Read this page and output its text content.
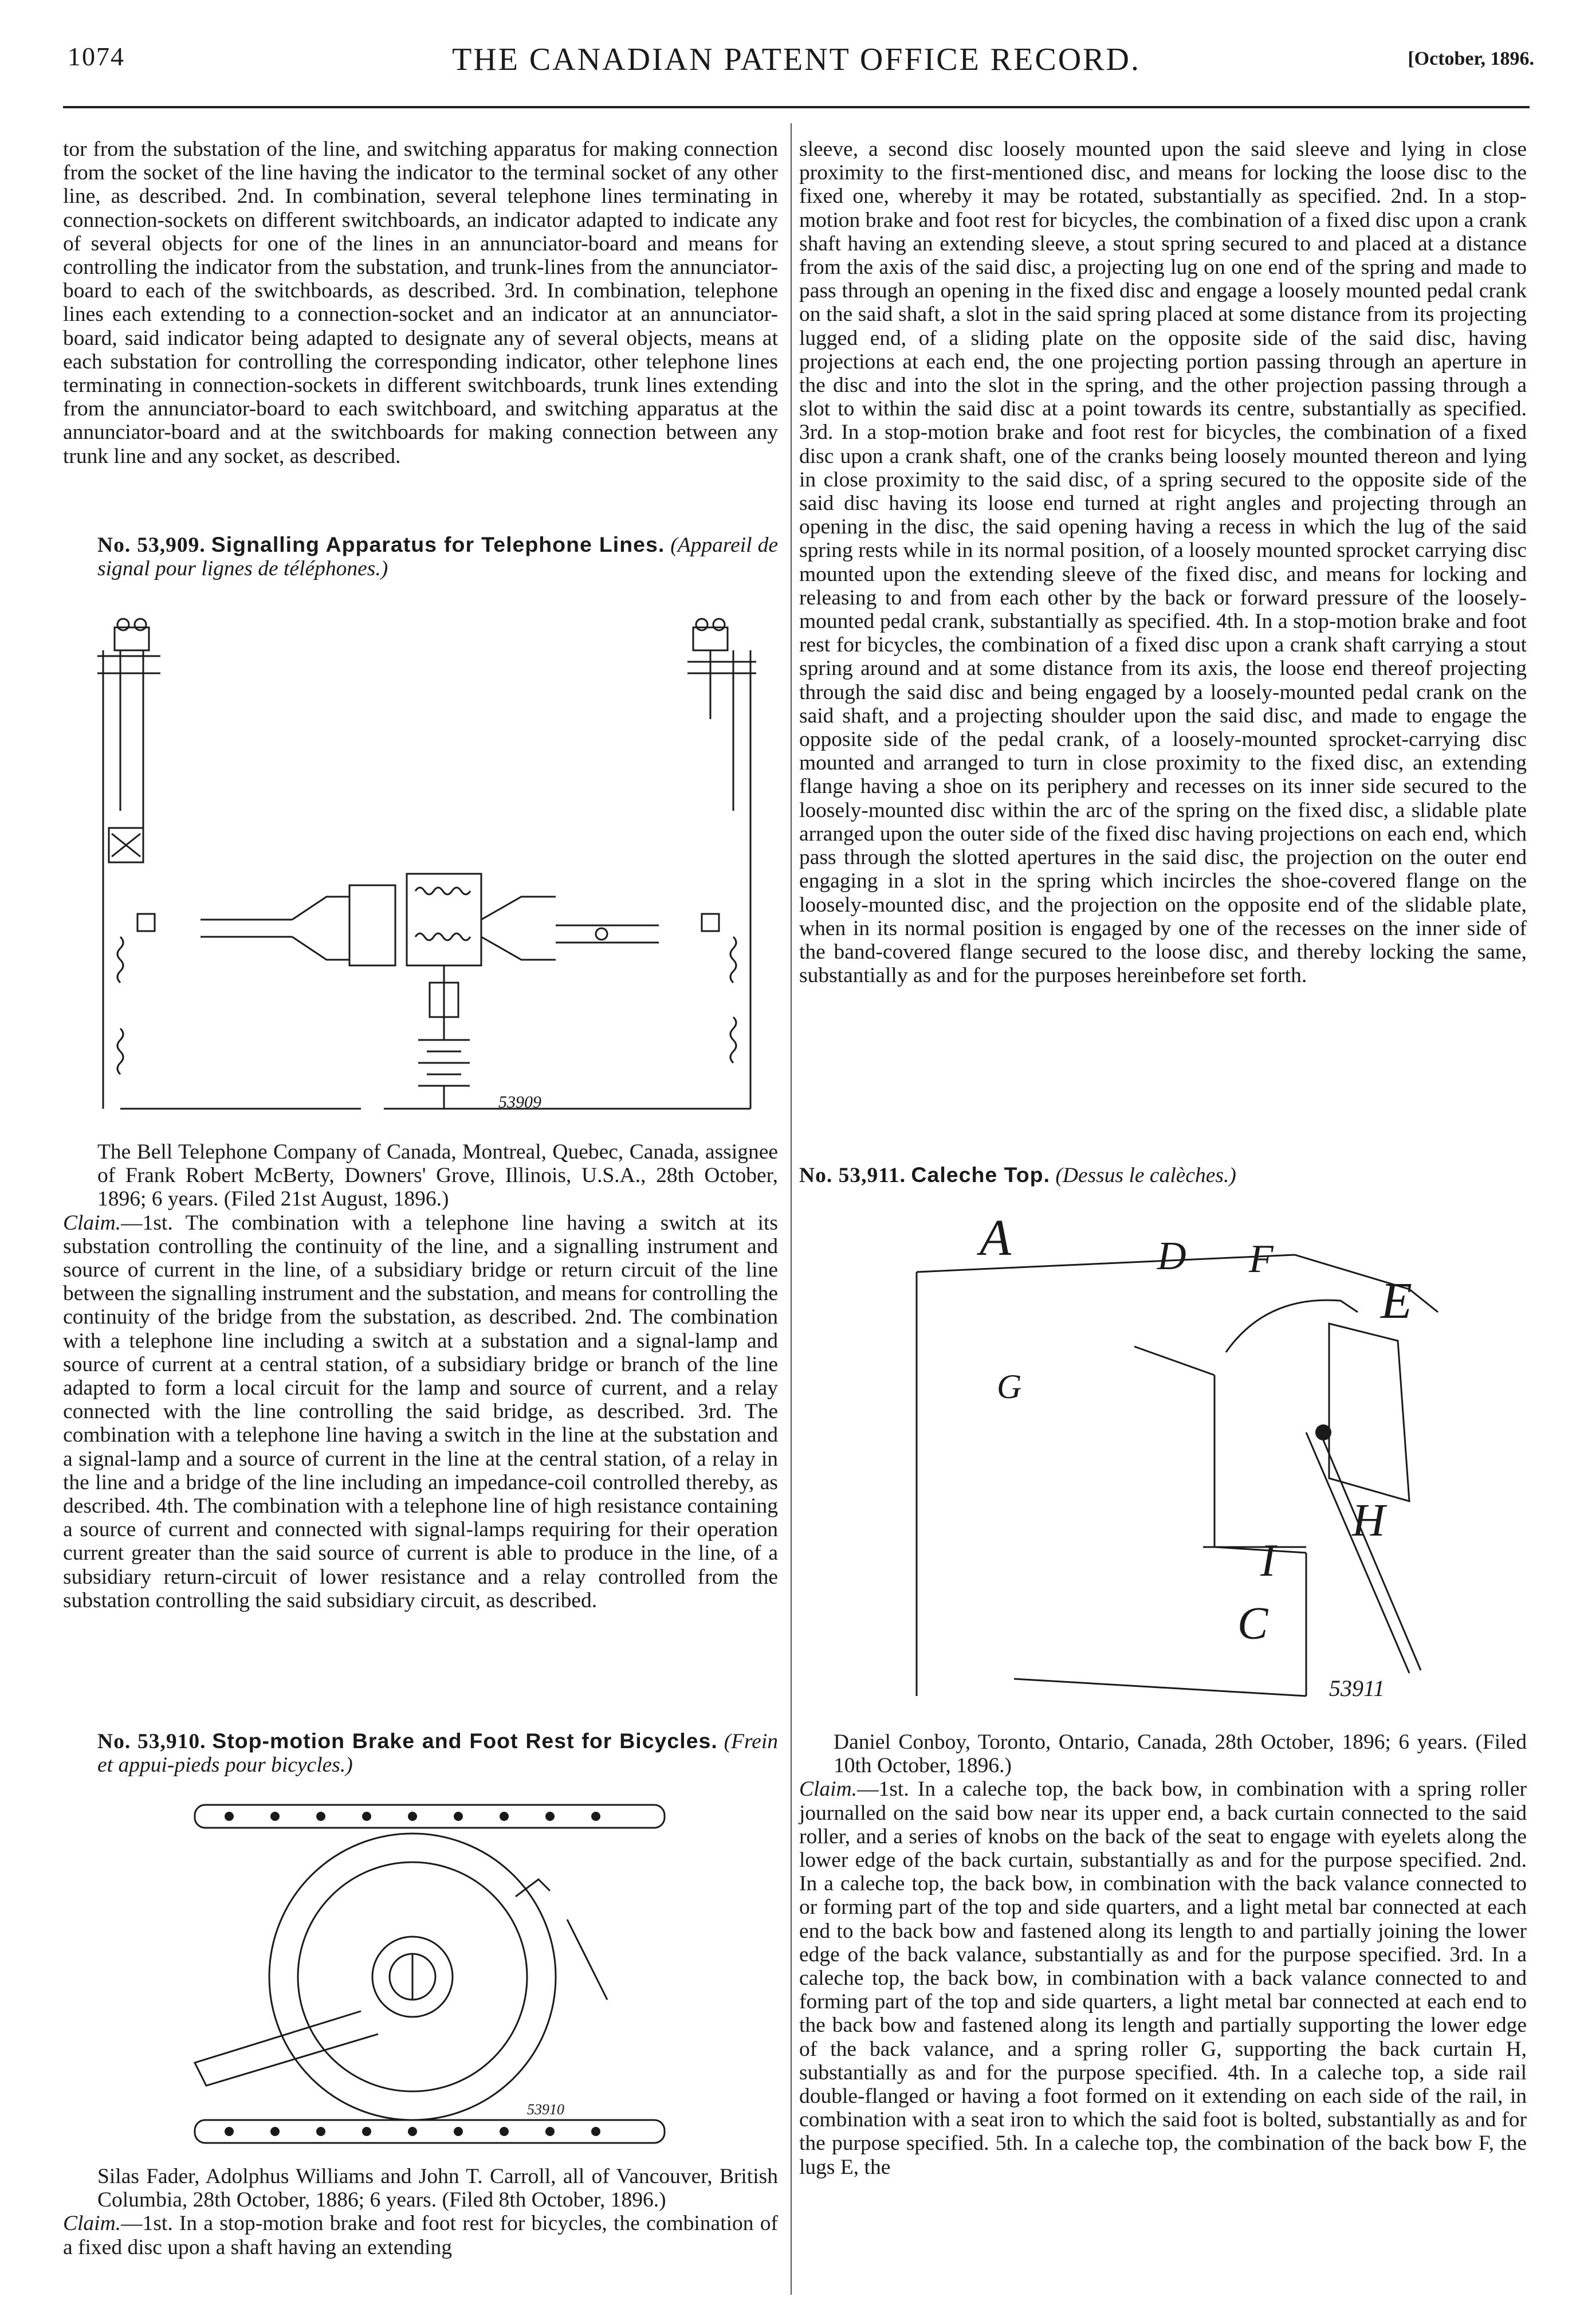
1074	THE CANADIAN PATENT OFFICE RECORD.	[October, 1896.

tor from the substation of the line, and switching apparatus for making connection from the socket of the line having the indicator to the terminal socket of any other line, as described. 2nd. In combination, several telephone lines terminating in connection-sockets on different switchboards, an indicator adapted to indicate any of several objects for one of the lines in an annunciator-board and means for controlling the indicator from the substation, and trunk-lines from the annunciator-board to each of the switchboards, as described. 3rd. In combination, telephone lines each extending to a connection-socket and an indicator at an annunciator-board, said indicator being adapted to designate any of several objects, means at each substation for controlling the corresponding indicator, other telephone lines terminating in connection-sockets in different switchboards, trunk lines extending from the annunciator-board to each switchboard, and switching apparatus at the annunciator-board and at the switchboards for making connection between any trunk line and any socket, as described.

No. 53,909. Signalling Apparatus for Telephone Lines. (Appareil de signal pour lignes de téléphones.)

53909

The Bell Telephone Company of Canada, Montreal, Quebec, Canada, assignee of Frank Robert McBerty, Downers' Grove, Illinois, U.S.A., 28th October, 1896; 6 years. (Filed 21st August, 1896.)

Claim.—1st. The combination with a telephone line having a switch at its substation controlling the continuity of the line, and a signalling instrument and source of current in the line, of a subsidiary bridge or return circuit of the line between the signalling instrument and the substation, and means for controlling the continuity of the bridge from the substation, as described. 2nd. The combination with a telephone line including a switch at a substation and a signal-lamp and source of current at a central station, of a subsidiary bridge or branch of the line adapted to form a local circuit for the lamp and source of current, and a relay connected with the line controlling the said bridge, as described. 3rd. The combination with a telephone line having a switch in the line at the substation and a signal-lamp and a source of current in the line at the central station, of a relay in the line and a bridge of the line including an impedance-coil controlled thereby, as described. 4th. The combination with a telephone line of high resistance containing a source of current and connected with signal-lamps requiring for their operation current greater than the said source of current is able to produce in the line, of a subsidiary return-circuit of lower resistance and a relay controlled from the substation controlling the said subsidiary circuit, as described.

No. 53,910. Stop-motion Brake and Foot Rest for Bicycles. (Frein et appui-pieds pour bicycles.)

53910

Silas Fader, Adolphus Williams and John T. Carroll, all of Vancouver, British Columbia, 28th October, 1886; 6 years. (Filed 8th October, 1896.)

Claim.—1st. In a stop-motion brake and foot rest for bicycles, the combination of a fixed disc upon a shaft having an extending

sleeve, a second disc loosely mounted upon the said sleeve and lying in close proximity to the first-mentioned disc, and means for locking the loose disc to the fixed one, whereby it may be rotated, substantially as specified. 2nd. In a stop-motion brake and foot rest for bicycles, the combination of a fixed disc upon a crank shaft having an extending sleeve, a stout spring secured to and placed at a distance from the axis of the said disc, a projecting lug on one end of the spring and made to pass through an opening in the fixed disc and engage a loosely mounted pedal crank on the said shaft, a slot in the said spring placed at some distance from its projecting lugged end, of a sliding plate on the opposite side of the said disc, having projections at each end, the one projecting portion passing through an aperture in the disc and into the slot in the spring, and the other projection passing through a slot to within the said disc at a point towards its centre, substantially as specified. 3rd. In a stop-motion brake and foot rest for bicycles, the combination of a fixed disc upon a crank shaft, one of the cranks being loosely mounted thereon and lying in close proximity to the said disc, of a spring secured to the opposite side of the said disc having its loose end turned at right angles and projecting through an opening in the disc, the said opening having a recess in which the lug of the said spring rests while in its normal position, of a loosely mounted sprocket carrying disc mounted upon the extending sleeve of the fixed disc, and means for locking and releasing to and from each other by the back or forward pressure of the loosely-mounted pedal crank, substantially as specified. 4th. In a stop-motion brake and foot rest for bicycles, the combination of a fixed disc upon a crank shaft carrying a stout spring around and at some distance from its axis, the loose end thereof projecting through the said disc and being engaged by a loosely-mounted pedal crank on the said shaft, and a projecting shoulder upon the said disc, and made to engage the opposite side of the pedal crank, of a loosely-mounted sprocket-carrying disc mounted and arranged to turn in close proximity to the fixed disc, an extending flange having a shoe on its periphery and recesses on its inner side secured to the loosely-mounted disc within the arc of the spring on the fixed disc, a slidable plate arranged upon the outer side of the fixed disc having projections on each end, which pass through the slotted apertures in the said disc, the projection on the outer end engaging in a slot in the spring which incircles the shoe-covered flange on the loosely-mounted disc, and the projection on the opposite end of the slidable plate, when in its normal position is engaged by one of the recesses on the inner side of the band-covered flange secured to the loose disc, and thereby locking the same, substantially as and for the purposes hereinbefore set forth.

No. 53,911. Caleche Top. (Dessus le calèches.)

A	D F
E
G
H
I
C
53911

Daniel Conboy, Toronto, Ontario, Canada, 28th October, 1896; 6 years. (Filed 10th October, 1896.)

Claim.—1st. In a caleche top, the back bow, in combination with a spring roller journalled on the said bow near its upper end, a back curtain connected to the said roller, and a series of knobs on the back of the seat to engage with eyelets along the lower edge of the back curtain, substantially as and for the purpose specified. 2nd. In a caleche top, the back bow, in combination with the back valance connected to or forming part of the top and side quarters, and a light metal bar connected at each end to the back bow and fastened along its length to and partially joining the lower edge of the back valance, substantially as and for the purpose specified. 3rd. In a caleche top, the back bow, in combination with a back valance connected to and forming part of the top and side quarters, a light metal bar connected at each end to the back bow and fastened along its length and partially supporting the lower edge of the back valance, and a spring roller G, supporting the back curtain H, substantially as and for the purpose specified. 4th. In a caleche top, a side rail double-flanged or having a foot formed on it extending on each side of the rail, in combination with a seat iron to which the said foot is bolted, substantially as and for the purpose specified. 5th. In a caleche top, the combination of the back bow F, the lugs E, the
